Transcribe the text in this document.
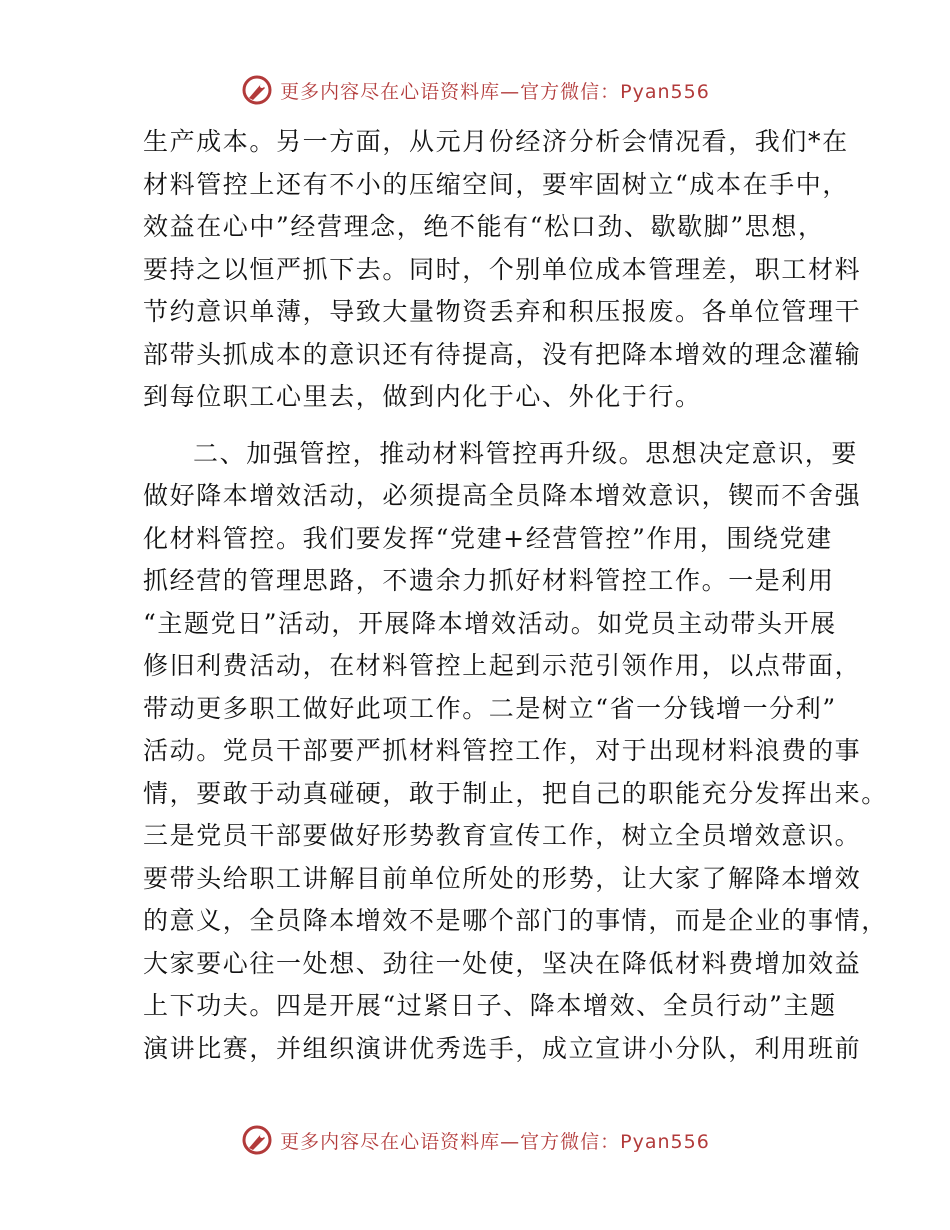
更多内容尽在心语资料库—官方微信：Pyan556
生产成本。另一方面，从元月份经济分析会情况看，我们*在
材料管控上还有不小的压缩空间，要牢固树立“成本在手中，
效益在心中”经营理念，绝不能有“松口劲、歇歇脚”思想，
要持之以恒严抓下去。同时，个别单位成本管理差，职工材料
节约意识单薄，导致大量物资丢弃和积压报废。各单位管理干
部带头抓成本的意识还有待提高，没有把降本增效的理念灌输
到每位职工心里去，做到内化于心、外化于行。
二、加强管控，推动材料管控再升级。思想决定意识，要
做好降本增效活动，必须提高全员降本增效意识，锲而不舍强
化材料管控。我们要发挥“党建+经营管控”作用，围绕党建
抓经营的管理思路，不遗余力抓好材料管控工作。一是利用
“主题党日”活动，开展降本增效活动。如党员主动带头开展
修旧利费活动，在材料管控上起到示范引领作用，以点带面，
带动更多职工做好此项工作。二是树立“省一分钱增一分利”
活动。党员干部要严抓材料管控工作，对于出现材料浪费的事
情，要敢于动真碰硬，敢于制止，把自己的职能充分发挥出来。
三是党员干部要做好形势教育宣传工作，树立全员增效意识。
要带头给职工讲解目前单位所处的形势，让大家了解降本增效
的意义，全员降本增效不是哪个部门的事情，而是企业的事情，
大家要心往一处想、劲往一处使，坚决在降低材料费增加效益
上下功夫。四是开展“过紧日子、降本增效、全员行动”主题
演讲比赛，并组织演讲优秀选手，成立宣讲小分队，利用班前
更多内容尽在心语资料库—官方微信：Pyan556
